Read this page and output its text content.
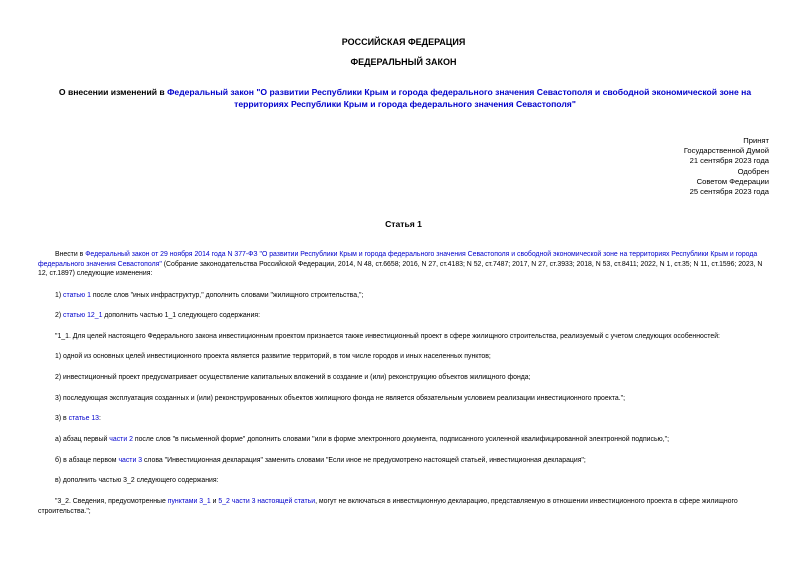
РОССИЙСКАЯ ФЕДЕРАЦИЯ
ФЕДЕРАЛЬНЫЙ ЗАКОН
О внесении изменений в Федеральный закон "О развитии Республики Крым и города федерального значения Севастополя и свободной экономической зоне на территориях Республики Крым и города федерального значения Севастополя"
Принят
Государственной Думой
21 сентября 2023 года
Одобрен
Советом Федерации
25 сентября 2023 года
Статья 1
Внести в Федеральный закон от 29 ноября 2014 года N 377-ФЗ "О развитии Республики Крым и города федерального значения Севастополя и свободной экономической зоне на территориях Республики Крым и города федерального значения Севастополя" (Собрание законодательства Российской Федерации, 2014, N 48, ст.6658; 2016, N 27, ст.4183; N 52, ст.7487; 2017, N 27, ст.3933; 2018, N 53, ст.8411; 2022, N 1, ст.35; N 11, ст.1596; 2023, N 12, ст.1897) следующие изменения:
1) статью 1 после слов "иных инфраструктур," дополнить словами "жилищного строительства,";
2) статью 12_1 дополнить частью 1_1 следующего содержания:
"1_1. Для целей настоящего Федерального закона инвестиционным проектом признается также инвестиционный проект в сфере жилищного строительства, реализуемый с учетом следующих особенностей:
1) одной из основных целей инвестиционного проекта является развитие территорий, в том числе городов и иных населенных пунктов;
2) инвестиционный проект предусматривает осуществление капитальных вложений в создание и (или) реконструкцию объектов жилищного фонда;
3) последующая эксплуатация созданных и (или) реконструированных объектов жилищного фонда не является обязательным условием реализации инвестиционного проекта.";
3) в статье 13:
а) абзац первый части 2 после слов "в письменной форме" дополнить словами "или в форме электронного документа, подписанного усиленной квалифицированной электронной подписью,";
б) в абзаце первом части 3 слова "Инвестиционная декларация" заменить словами "Если иное не предусмотрено настоящей статьей, инвестиционная декларация";
в) дополнить частью 3_2 следующего содержания:
"3_2. Сведения, предусмотренные пунктами 3_1 и 5_2 части 3 настоящей статьи, могут не включаться в инвестиционную декларацию, представляемую в отношении инвестиционного проекта в сфере жилищного строительства.";
